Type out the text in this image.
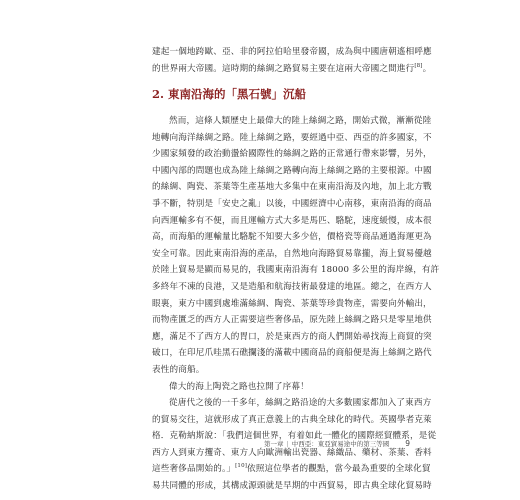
建起一個地跨歐、亞、非的阿拉伯哈里發帝國，成為與中國唐朝遙相呼應
的世界兩大帝國。這時期的絲綢之路貿易主要在這兩大帝國之間進行[8]。
2. 東南沿海的「黑石號」沉船
然而，這條人類歷史上最偉大的陸上絲綢之路，開始式微，漸漸從陸
地轉向海洋絲綢之路。陸上絲綢之路，要經過中亞、西亞的許多國家，不
少國家頻發的政治動盪給國際性的絲綢之路的正常通行帶來影響，另外，
中國內部的問題也成為陸上絲綢之路轉向海上絲綢之路的主要根源。中國
的絲綢、陶瓷、茶葉等生產基地大多集中在東南沿海及內地，加上北方戰
爭不斷，特別是「安史之亂」以後，中國經濟中心南移，東南沿海的商品
向西運輸多有不便，而且運輸方式大多是馬匹、駱駝，速度緩慢，成本很
高，而海船的運輸量比駱駝不知要大多少倍，價格瓷等商品通過海運更為
安全可靠。因此東南沿海的產品，自然地向海路貿易靠攏，海上貿易優越
於陸上貿易是顯而易見的，我國東南沿海有 18000 多公里的海岸線，有許
多終年不凍的良港，又是造船和航海技術最發達的地區。總之，在西方人
眼裏，東方中國到處堆滿絲綢、陶瓷、茶葉等珍貴物產，需要向外輸出，
而物產匱乏的西方人正需要這些奢侈品，原先陸上絲綢之路只是零星地供
應，滿足不了西方人的胃口，於是東西方的商人們開始尋找海上商貿的突
破口，在印尼爪哇黑石礁攔淺的滿載中國商品的商船便是海上絲綢之路代
表性的商船。
偉大的海上陶瓷之路也拉開了序幕！
從唐代之後的一千多年，絲綢之路沿途的大多數國家都加入了東西方
的貿易交往，這就形成了真正意義上的古典全球化的時代。英國學者克萊
格．克勒納斯說：「我們這個世界，有着如此一體化的國際經貿體系，是從
西方人到東方攫奇、東方人向歐洲輸出瓷器、絲織品、藥材、茶葉、香料
這些奢侈品開始的。」[10]依照這位學者的觀點，當今最為重要的全球化貿
易共同體的形成，其構成源頭就是早期的中西貿易，即古典全球化貿易時
第一章 | 中西亞：東亞貿易途中的第三等國 9
